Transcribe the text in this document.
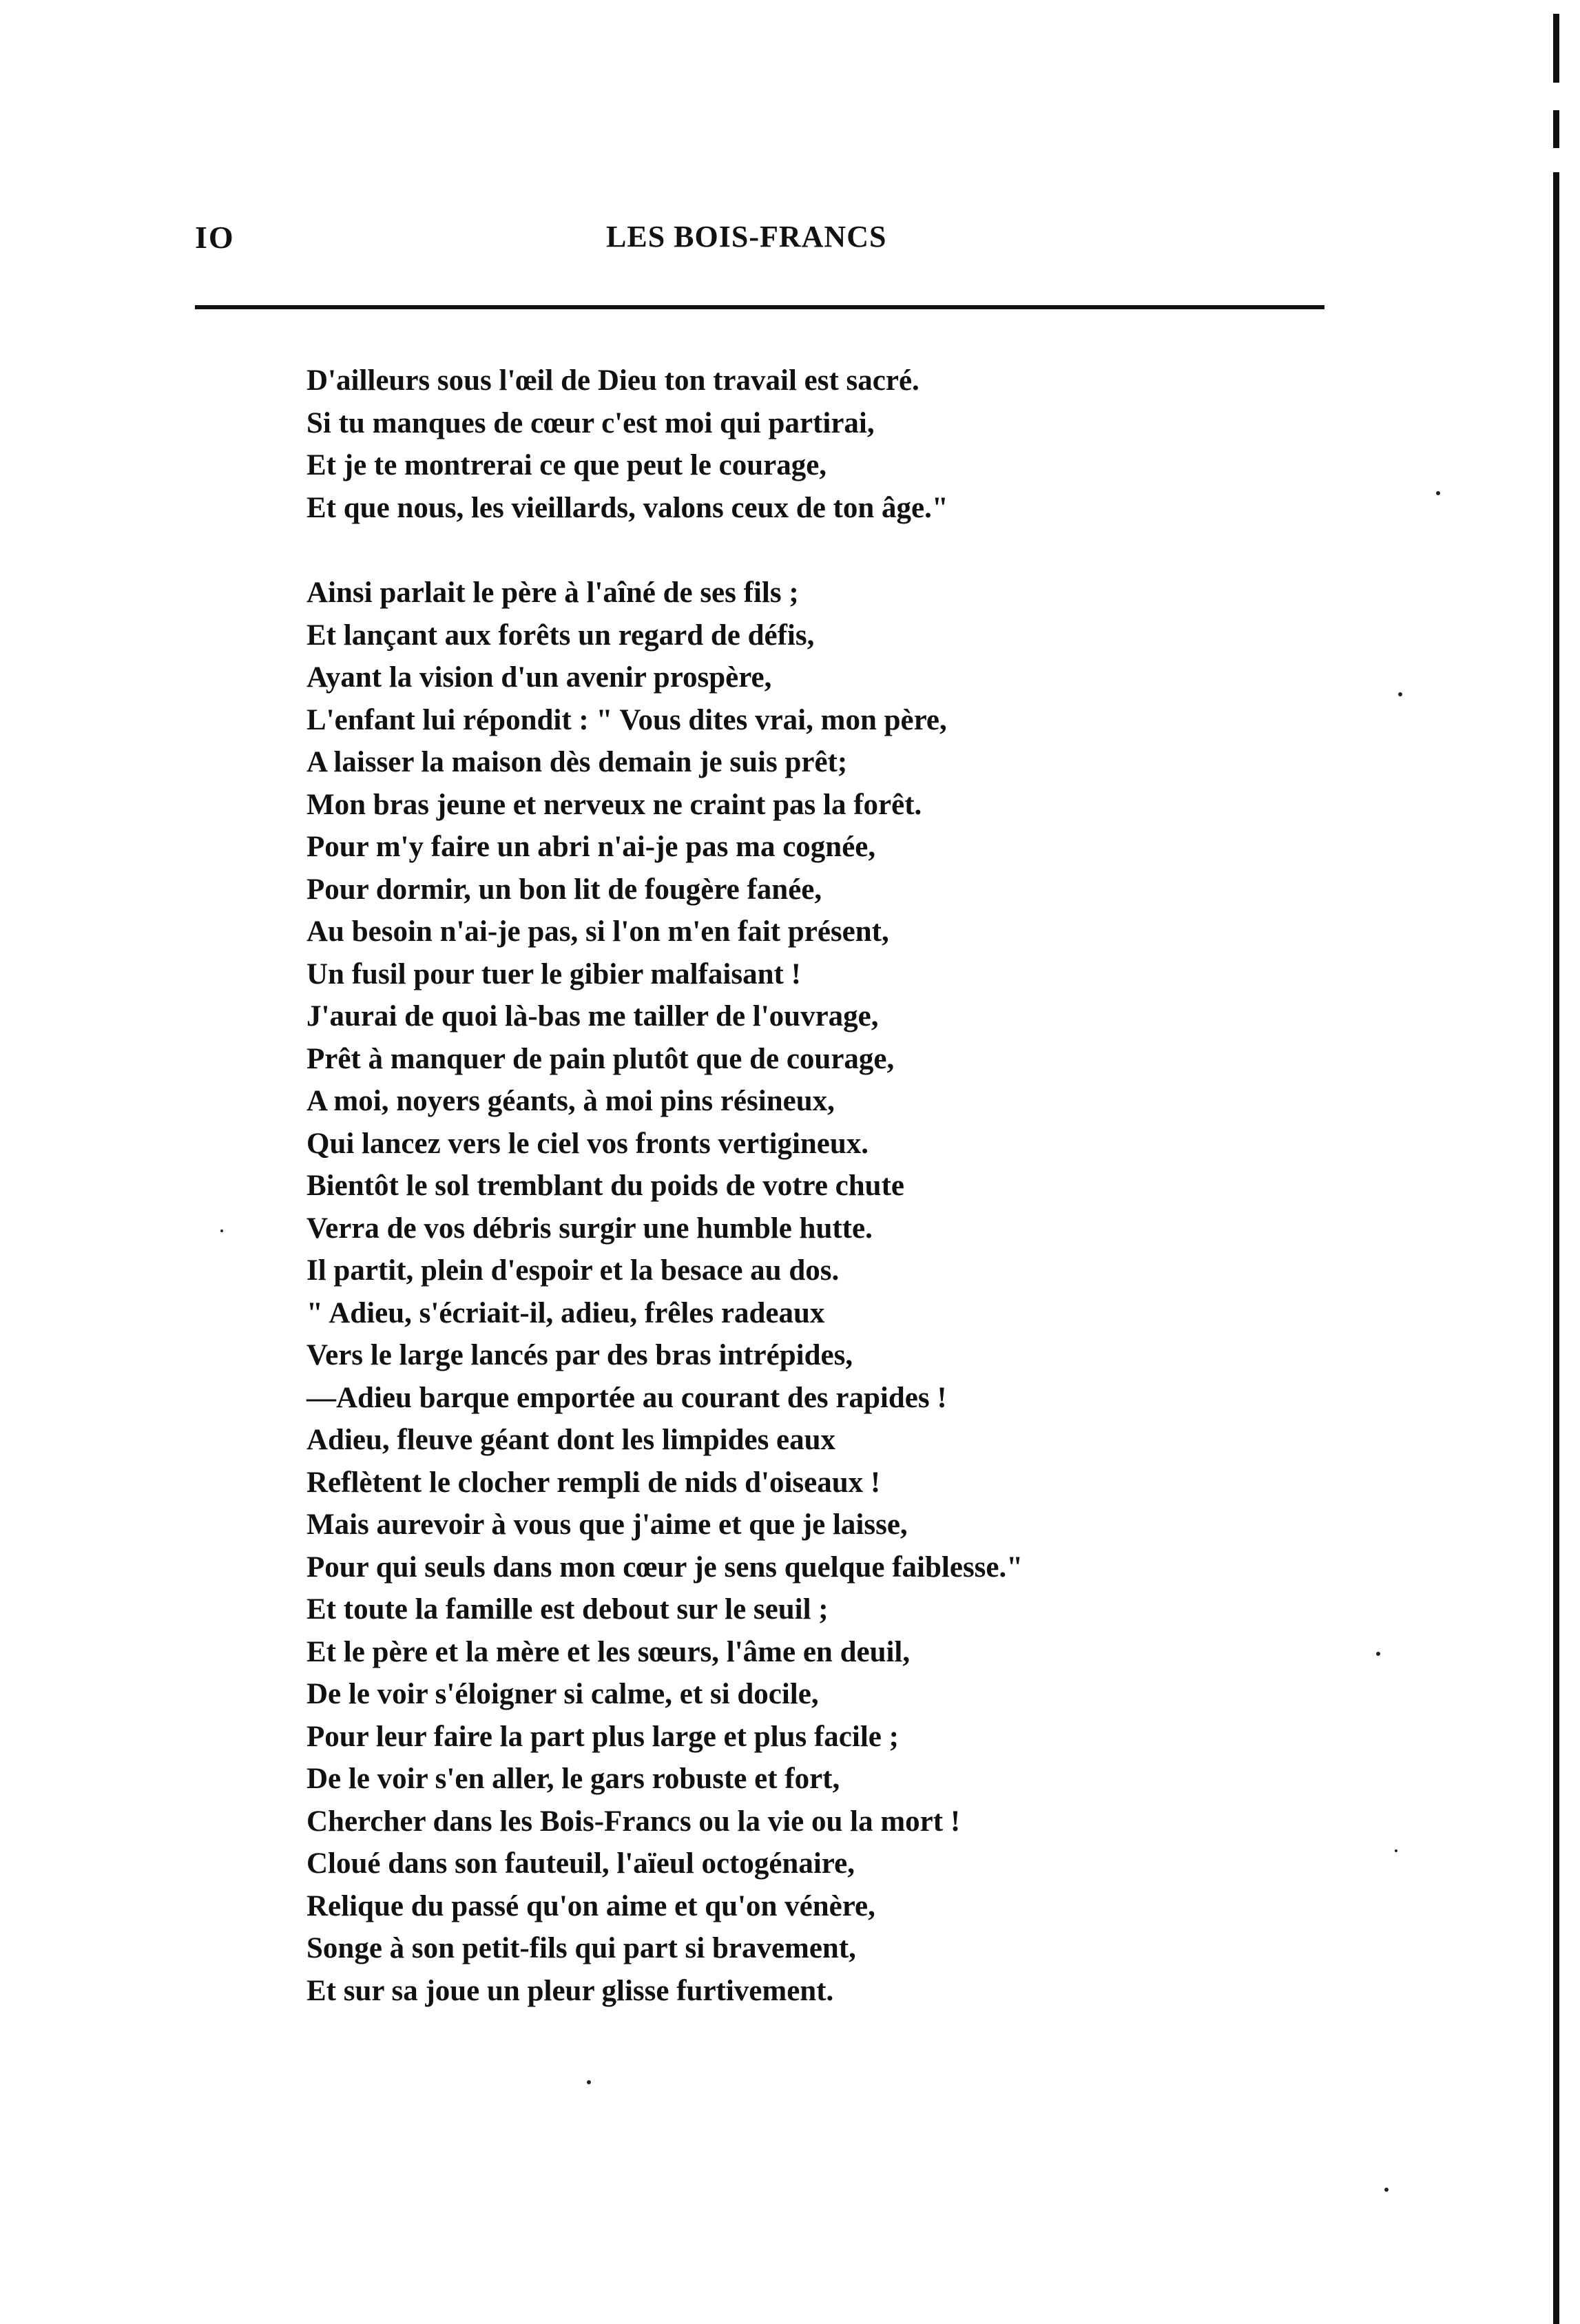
IO	LES BOIS-FRANCS
D'ailleurs sous l'œil de Dieu ton travail est sacré.
Si tu manques de cœur c'est moi qui partirai,
Et je te montrerai ce que peut le courage,
Et que nous, les vieillards, valons ceux de ton âge."
Ainsi parlait le père à l'aîné de ses fils ;
Et lançant aux forêts un regard de défis,
Ayant la vision d'un avenir prospère,
L'enfant lui répondit : " Vous dites vrai, mon père,
A laisser la maison dès demain je suis prêt;
Mon bras jeune et nerveux ne craint pas la forêt.
Pour m'y faire un abri n'ai-je pas ma cognée,
Pour dormir, un bon lit de fougère fanée,
Au besoin n'ai-je pas, si l'on m'en fait présent,
Un fusil pour tuer le gibier malfaisant !
J'aurai de quoi là-bas me tailler de l'ouvrage,
Prêt à manquer de pain plutôt que de courage,
A moi, noyers géants, à moi pins résineux,
Qui lancez vers le ciel vos fronts vertigineux.
Bientôt le sol tremblant du poids de votre chute
Verra de vos débris surgir une humble hutte.
Il partit, plein d'espoir et la besace au dos.
" Adieu, s'écriait-il, adieu, frêles radeaux
Vers le large lancés par des bras intrépides,
—Adieu barque emportée au courant des rapides !
Adieu, fleuve géant dont les limpides eaux
Reflètent le clocher rempli de nids d'oiseaux !
Mais aurevoir à vous que j'aime et que je laisse,
Pour qui seuls dans mon cœur je sens quelque faiblesse."
Et toute la famille est debout sur le seuil ;
Et le père et la mère et les sœurs, l'âme en deuil,
De le voir s'éloigner si calme, et si docile,
Pour leur faire la part plus large et plus facile ;
De le voir s'en aller, le gars robuste et fort,
Chercher dans les Bois-Francs ou la vie ou la mort !
Cloué dans son fauteuil, l'aïeul octogénaire,
Relique du passé qu'on aime et qu'on vénère,
Songe à son petit-fils qui part si bravement,
Et sur sa joue un pleur glisse furtivement.
